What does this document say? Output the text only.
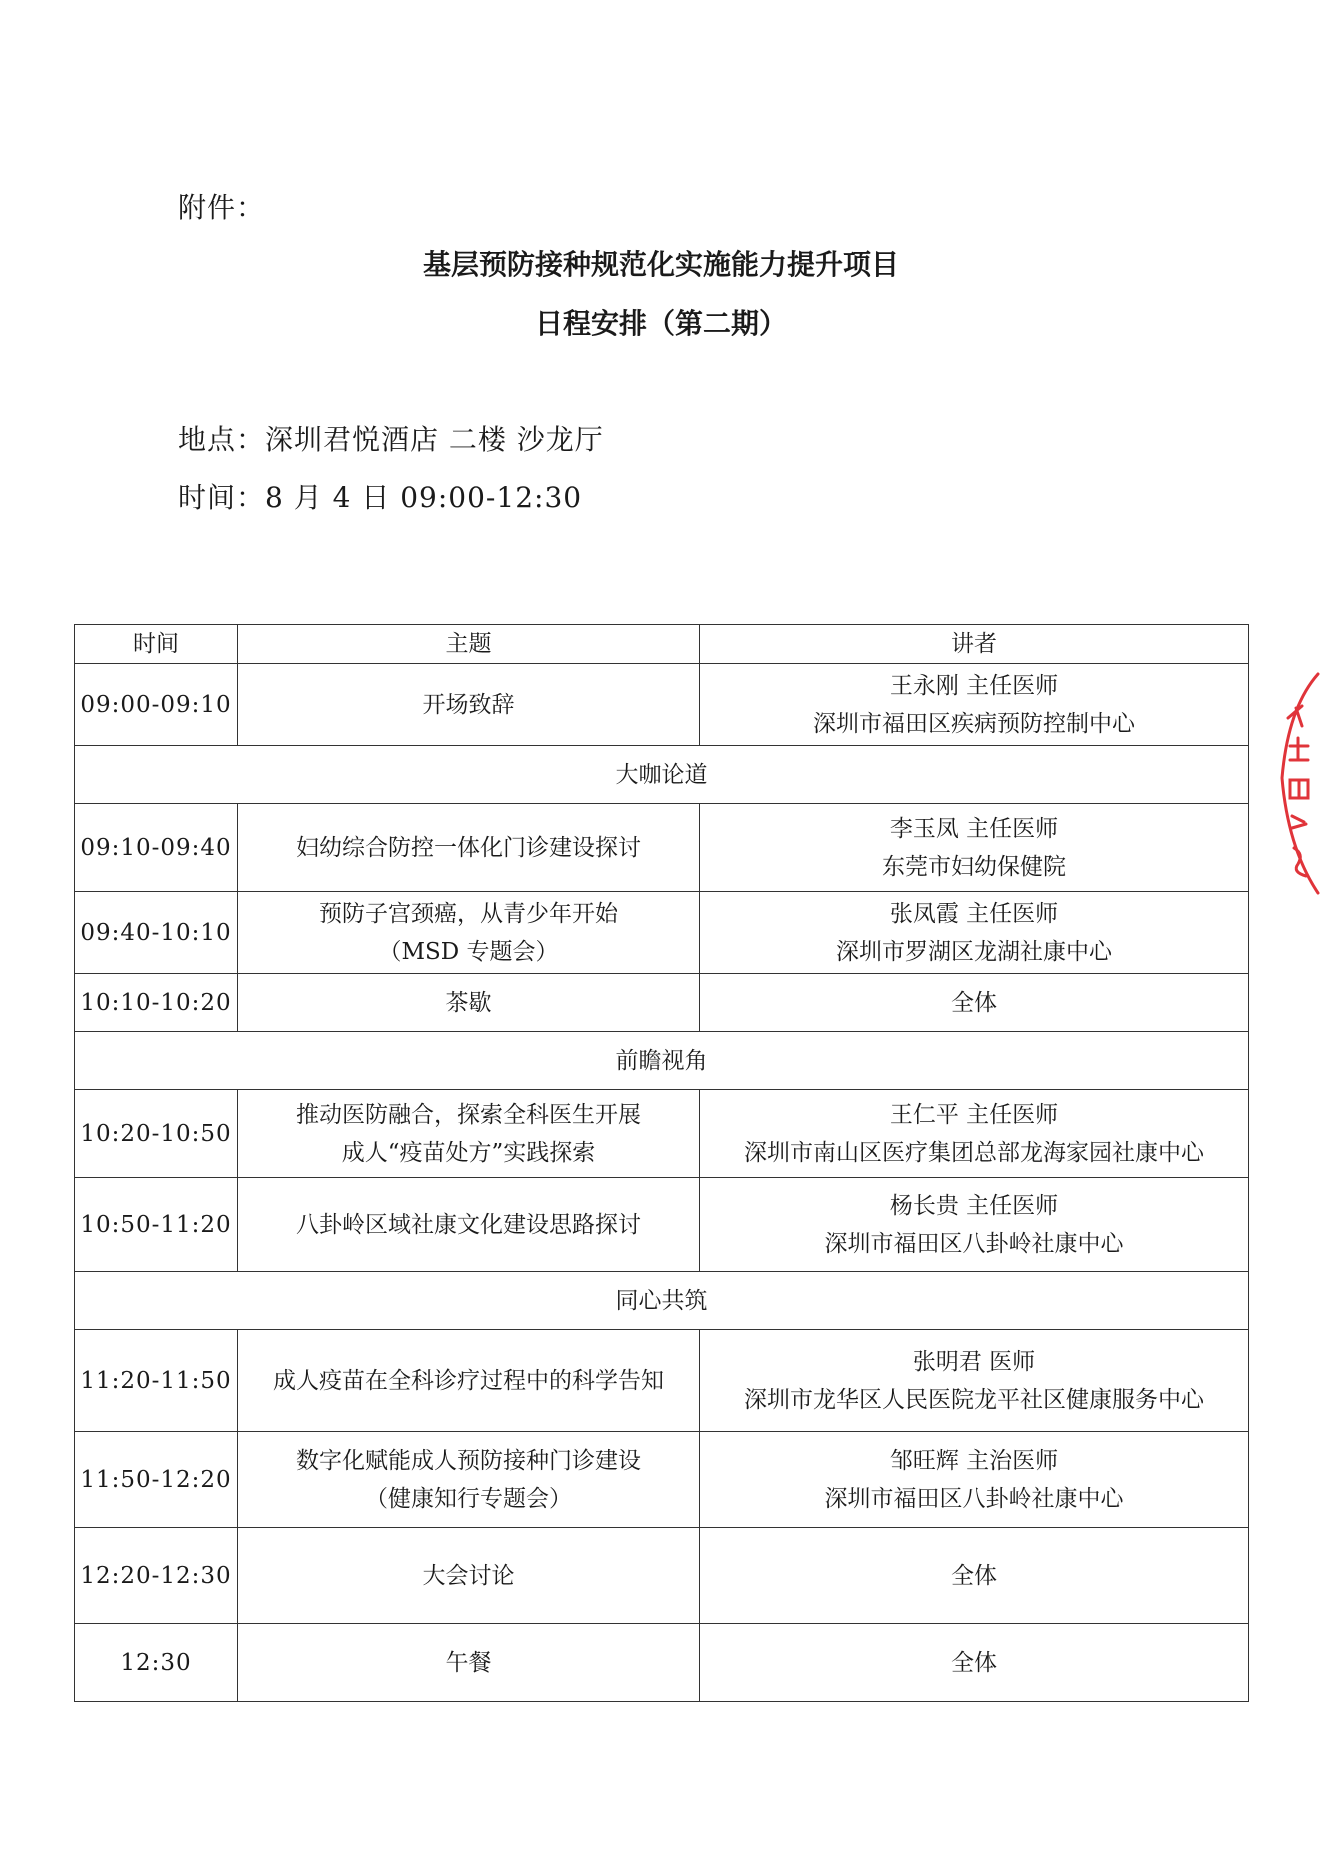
附件：
基层预防接种规范化实施能力提升项目
日程安排（第二期）
地点：深圳君悦酒店 二楼 沙龙厅
时间：8 月 4 日 09:00-12:30
时间	主题	讲者
09:00-09:10	开场致辞	王永刚 主任医师
深圳市福田区疾病预防控制中心

大咖论道		
09:10-09:40	妇幼综合防控一体化门诊建设探讨	李玉凤 主任医师
东莞市妇幼保健院

09:40-10:10	预防子宫颈癌，从青少年开始
（MSD 专题会）	张凤霞 主任医师
深圳市罗湖区龙湖社康中心

10:10-10:20	茶歇	全体

前瞻视角		
10:20-10:50	推动医防融合，探索全科医生开展
成人“疫苗处方”实践探索	王仁平 主任医师
深圳市南山区医疗集团总部龙海家园社康中心

10:50-11:20	八卦岭区域社康文化建设思路探讨	杨长贵 主任医师
深圳市福田区八卦岭社康中心

同心共筑		
11:20-11:50	成人疫苗在全科诊疗过程中的科学告知	张明君 医师
深圳市龙华区人民医院龙平社区健康服务中心

11:50-12:20	数字化赋能成人预防接种门诊建设
（健康知行专题会）	邹旺辉 主治医师
深圳市福田区八卦岭社康中心

12:20-12:30	大会讨论	全体

12:30	午餐	全体
